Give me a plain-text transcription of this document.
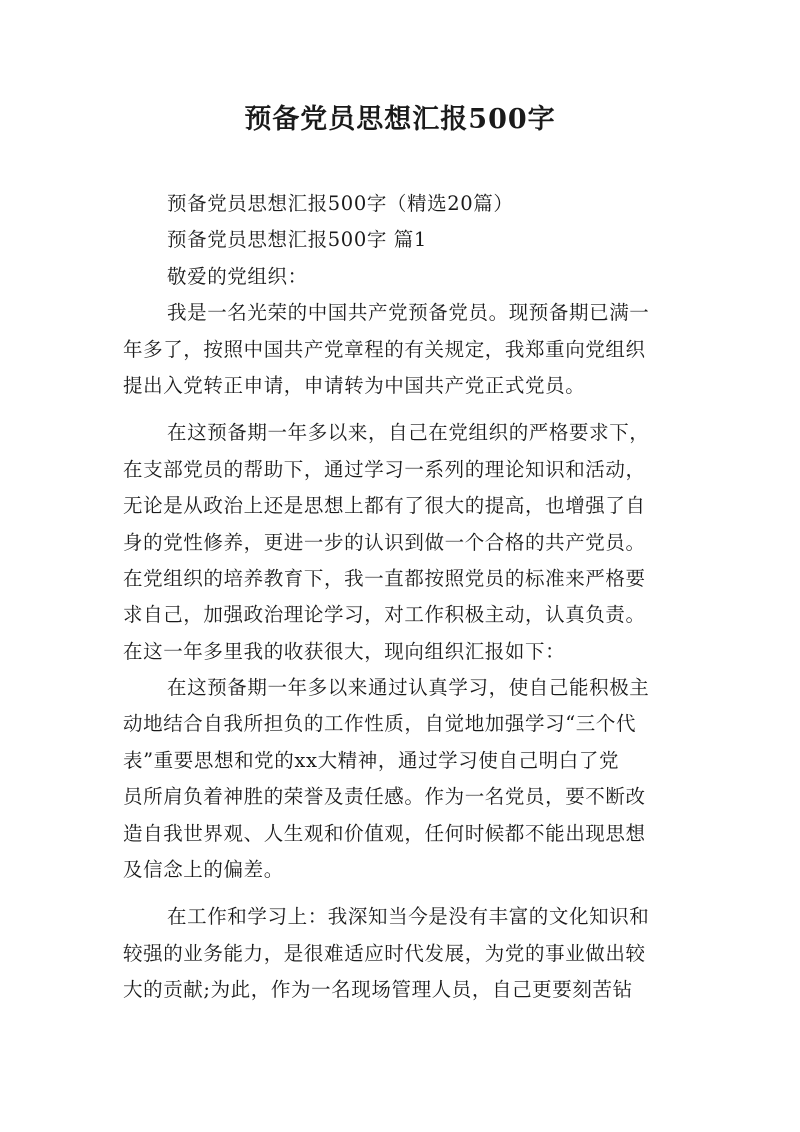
预备党员思想汇报500字
预备党员思想汇报500字（精选20篇）
预备党员思想汇报500字 篇1
敬爱的党组织：
我是一名光荣的中国共产党预备党员。现预备期已满一
年多了，按照中国共产党章程的有关规定，我郑重向党组织
提出入党转正申请，申请转为中国共产党正式党员。
在这预备期一年多以来，自己在党组织的严格要求下，
在支部党员的帮助下，通过学习一系列的理论知识和活动，
无论是从政治上还是思想上都有了很大的提高，也增强了自
身的党性修养，更进一步的认识到做一个合格的共产党员。
在党组织的培养教育下，我一直都按照党员的标准来严格要
求自己，加强政治理论学习，对工作积极主动，认真负责。
在这一年多里我的收获很大，现向组织汇报如下：
在这预备期一年多以来通过认真学习，使自己能积极主
动地结合自我所担负的工作性质，自觉地加强学习“三个代
表”重要思想和党的xx大精神，通过学习使自己明白了党
员所肩负着神胜的荣誉及责任感。作为一名党员，要不断改
造自我世界观、人生观和价值观，任何时候都不能出现思想
及信念上的偏差。
在工作和学习上：我深知当今是没有丰富的文化知识和
较强的业务能力，是很难适应时代发展，为党的事业做出较
大的贡献;为此，作为一名现场管理人员，自己更要刻苦钻
